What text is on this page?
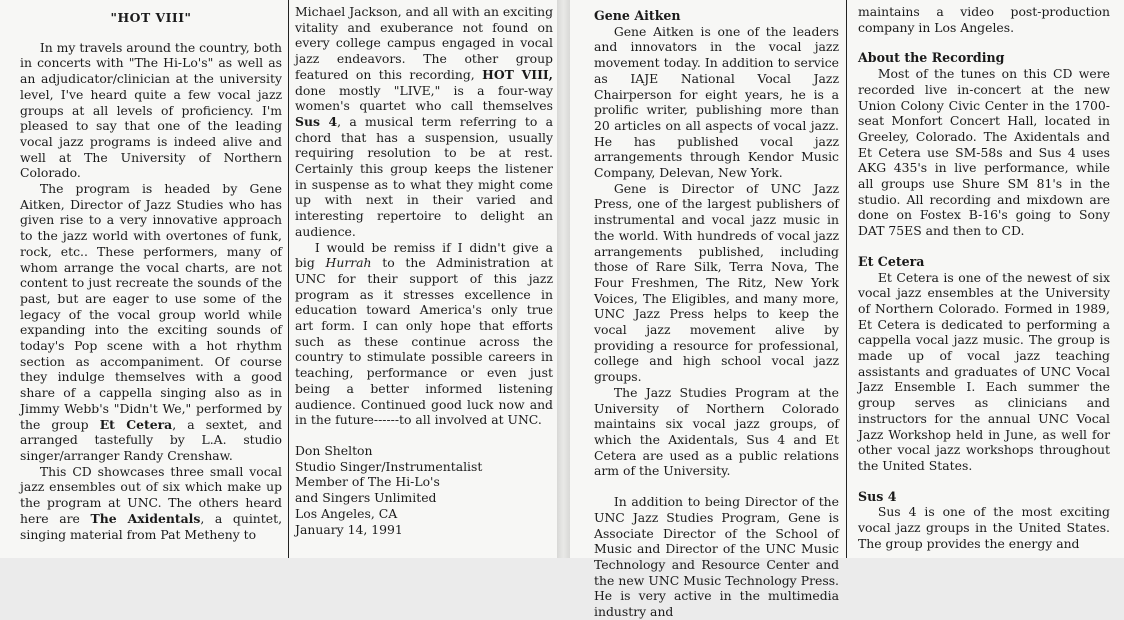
"HOT VIII"

In my travels around the country, both in concerts with "The Hi-Lo's" as well as an adjudicator/clinician at the university level, I've heard quite a few vocal jazz groups at all levels of proficiency. I'm pleased to say that one of the leading vocal jazz programs is indeed alive and well at The University of Northern Colorado.

The program is headed by Gene Aitken, Director of Jazz Studies who has given rise to a very innovative approach to the jazz world with overtones of funk, rock, etc.. These performers, many of whom arrange the vocal charts, are not content to just recreate the sounds of the past, but are eager to use some of the legacy of the vocal group world while expanding into the exciting sounds of today's Pop scene with a hot rhythm section as accompaniment. Of course they indulge themselves with a good share of a cappella singing also as in Jimmy Webb's "Didn't We," performed by the group Et Cetera, a sextet, and arranged tastefully by L.A. studio singer/arranger Randy Crenshaw.

This CD showcases three small vocal jazz ensembles out of six which make up the program at UNC. The others heard here are The Axidentals, a quintet, singing material from Pat Metheny to

Michael Jackson, and all with an exciting vitality and exuberance not found on every college campus engaged in vocal jazz endeavors. The other group featured on this recording, HOT VIII, done mostly "LIVE," is a four-way women's quartet who call themselves Sus 4, a musical term referring to a chord that has a suspension, usually requiring resolution to be at rest. Certainly this group keeps the listener in suspense as to what they might come up with next in their varied and interesting repertoire to delight an audience.

I would be remiss if I didn't give a big Hurrah to the Administration at UNC for their support of this jazz program as it stresses excellence in education toward America's only true art form. I can only hope that efforts such as these continue across the country to stimulate possible careers in teaching, performance or even just being a better informed listening audience. Continued good luck now and in the future------to all involved at UNC.

Don Shelton
Studio Singer/Instrumentalist
Member of The Hi-Lo's
and Singers Unlimited
Los Angeles, CA
January 14, 1991
Gene Aitken

Gene Aitken is one of the leaders and innovators in the vocal jazz movement today. In addition to service as IAJE National Vocal Jazz Chairperson for eight years, he is a prolific writer, publishing more than 20 articles on all aspects of vocal jazz. He has published vocal jazz arrangements through Kendor Music Company, Delevan, New York.

Gene is Director of UNC Jazz Press, one of the largest publishers of instrumental and vocal jazz music in the world. With hundreds of vocal jazz arrangements published, including those of Rare Silk, Terra Nova, The Four Freshmen, The Ritz, New York Voices, The Eligibles, and many more, UNC Jazz Press helps to keep the vocal jazz movement alive by providing a resource for professional, college and high school vocal jazz groups.

The Jazz Studies Program at the University of Northern Colorado maintains six vocal jazz groups, of which the Axidentals, Sus 4 and Et Cetera are used as a public relations arm of the University.

In addition to being Director of the UNC Jazz Studies Program, Gene is Associate Director of the School of Music and Director of the UNC Music Technology and Resource Center and the new UNC Music Technology Press. He is very active in the multimedia industry and

maintains a video post-production company in Los Angeles.

About the Recording

Most of the tunes on this CD were recorded live in-concert at the new Union Colony Civic Center in the 1700-seat Monfort Concert Hall, located in Greeley, Colorado. The Axidentals and Et Cetera use SM-58s and Sus 4 uses AKG 435's in live performance, while all groups use Shure SM 81's in the studio. All recording and mixdown are done on Fostex B-16's going to Sony DAT 75ES and then to CD.

Et Cetera

Et Cetera is one of the newest of six vocal jazz ensembles at the University of Northern Colorado. Formed in 1989, Et Cetera is dedicated to performing a cappella vocal jazz music. The group is made up of vocal jazz teaching assistants and graduates of UNC Vocal Jazz Ensemble I. Each summer the group serves as clinicians and instructors for the annual UNC Vocal Jazz Workshop held in June, as well for other vocal jazz workshops throughout the United States.

Sus 4

Sus 4 is one of the most exciting vocal jazz groups in the United States. The group provides the energy and
